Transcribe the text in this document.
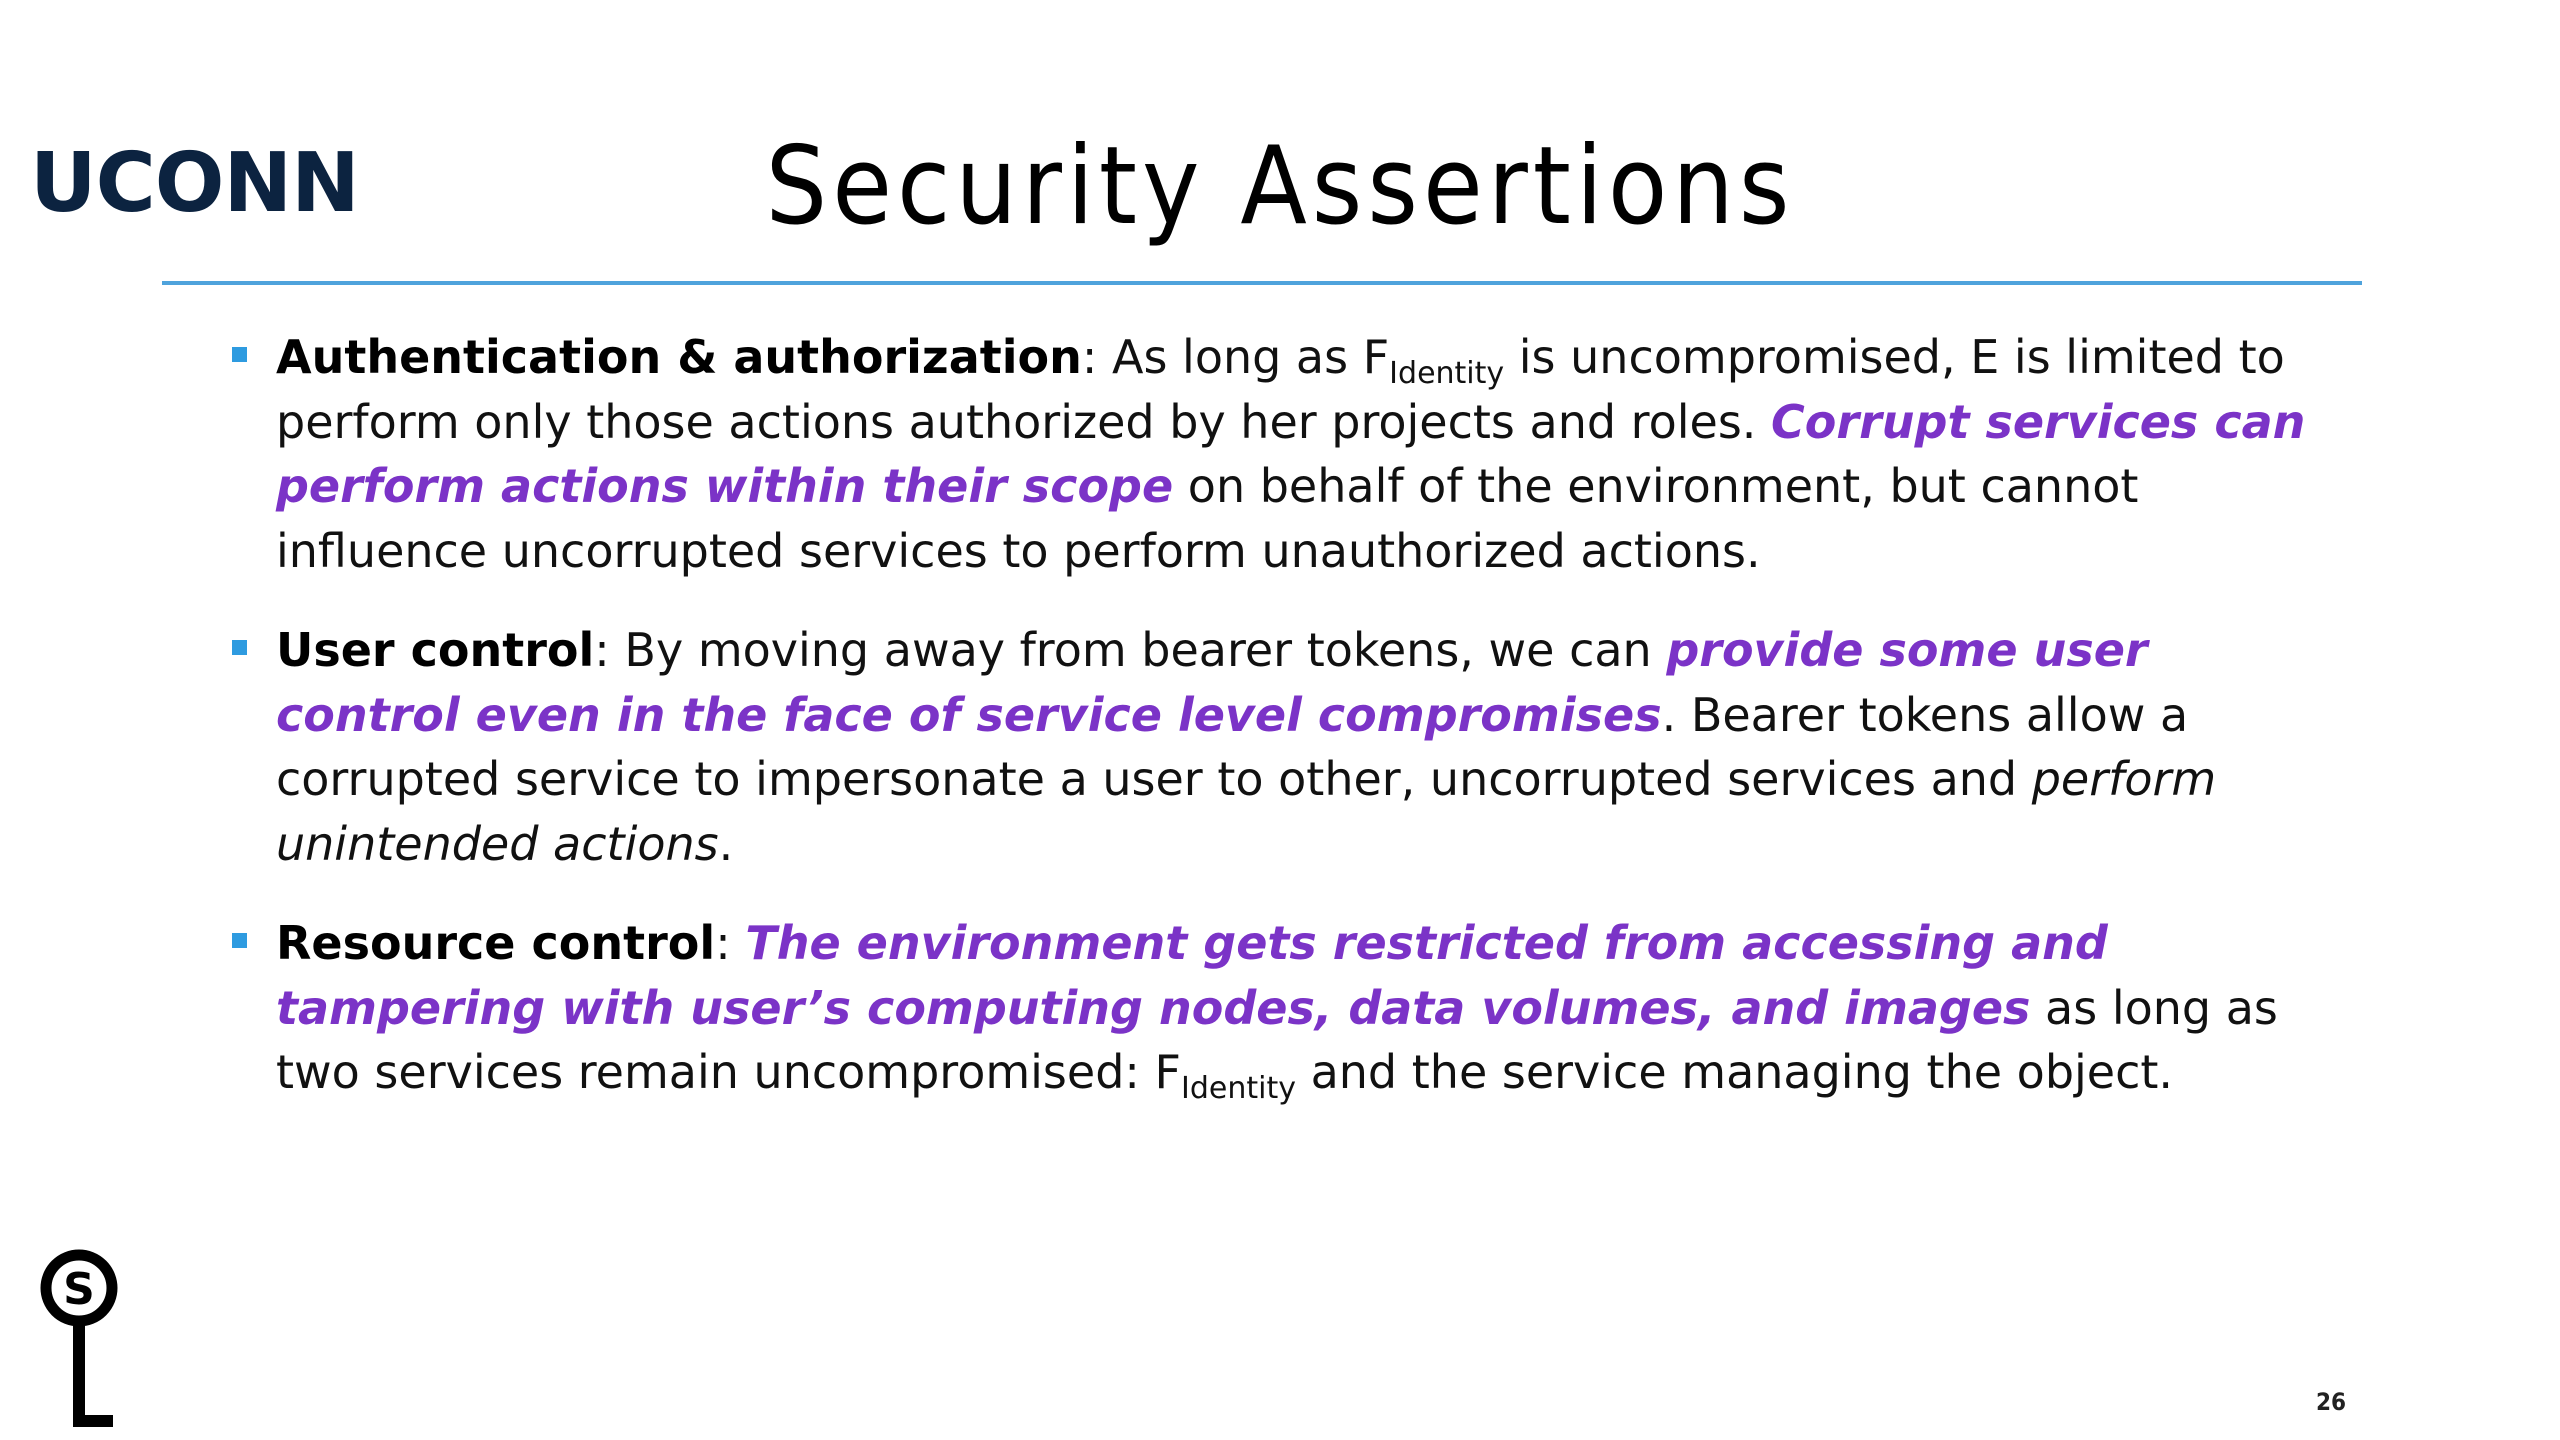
UCONN	Security Assertions
Authentication & authorization: As long as $F_{Identity}$ is uncompromised, E is limited to perform only those actions authorized by her projects and roles. Corrupt services can perform actions within their scope on behalf of the environment, but cannot influence uncorrupted services to perform unauthorized actions.
User control: By moving away from bearer tokens, we can provide some user control even in the face of service level compromises. Bearer tokens allow a corrupted service to impersonate a user to other, uncorrupted services and perform unintended actions.
Resource control: The environment gets restricted from accessing and tampering with user’s computing nodes, data volumes, and images as long as two services remain uncompromised: $F_{Identity}$ and the service managing the object.
S
26
